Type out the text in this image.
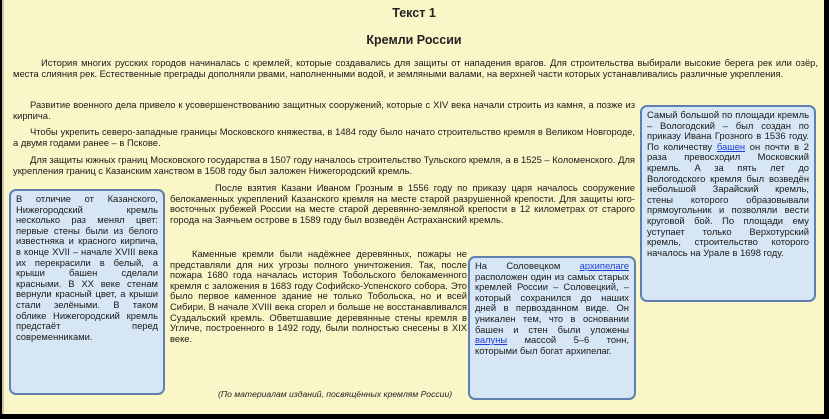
Текст 1
Кремли России
История многих русских городов начиналась с кремлей, которые создавались для защиты от нападения врагов. Для строительства выбирали высокие берега рек или озёр, места слияния рек. Естественные преграды дополняли рвами, наполненными водой, и земляными валами, на верхней части которых устанавливались различные укрепления.
Развитие военного дела привело к усовершенствованию защитных сооружений, которые с XIV века начали строить из камня, а позже из кирпича.
Чтобы укрепить северо-западные границы Московского княжества, в 1484 году было начато строительство кремля в Великом Новгороде, а двумя годами ранее – в Пскове.
Для защиты южных границ Московского государства в 1507 году началось строительство Тульского кремля, а в 1525 – Коломенского. Для укрепления границ с Казанским ханством в 1508 году был заложен Нижегородский кремль.
После взятия Казани Иваном Грозным в 1556 году по приказу царя началось сооружение белокаменных укреплений Казанского кремля на месте старой разрушенной крепости. Для защиты юго-восточных рубежей России на месте старой деревянно-земляной крепости в 12 километрах от старого города на Заячьем острове в 1589 году был возведён Астраханский кремль.
Каменные кремли были надёжнее деревянных, пожары не представляли для них угрозы полного уничтожения. Так, после пожара 1680 года началась история Тобольского белокаменного кремля с заложения в 1683 году Софийско-Успенского собора. Это было первое каменное здание не только Тобольска, но и всей Сибири. В начале XVIII века сгорел и больше не восстанавливался Суздальский кремль. Обветшавшие деревянные стены кремля в Угличе, построенного в 1492 году, были полностью снесены в XIX веке.
В отличие от Казанского, Нижегородский кремль несколько раз менял цвет: первые стены были из белого известняка и красного кирпича, в конце XVII – начале XVIII века их перекрасили в белый, а крыши башен сделали красными. В XX веке стенам вернули красный цвет, а крыши стали зелёными. В таком облике Нижегородский кремль предстаёт перед современниками.
Самый большой по площади кремль – Вологодский – был создан по приказу Ивана Грозного в 1536 году. По количеству башен он почти в 2 раза превосходил Московский кремль. А за пять лет до Вологодского кремля был возведён небольшой Зарайский кремль, стены которого образовывали прямоугольник и позволяли вести круговой бой. По площади ему уступает только Верхотурский кремль, строительство которого началось на Урале в 1698 году.
На Соловецком архипелаге расположен один из самых старых кремлей России – Соловецкий, – который сохранился до наших дней в первозданном виде. Он уникален тем, что в основании башен и стен были уложены валуны массой 5–6 тонн, которыми был богат архипелаг.
(По материалам изданий, посвящённых кремлям России)
